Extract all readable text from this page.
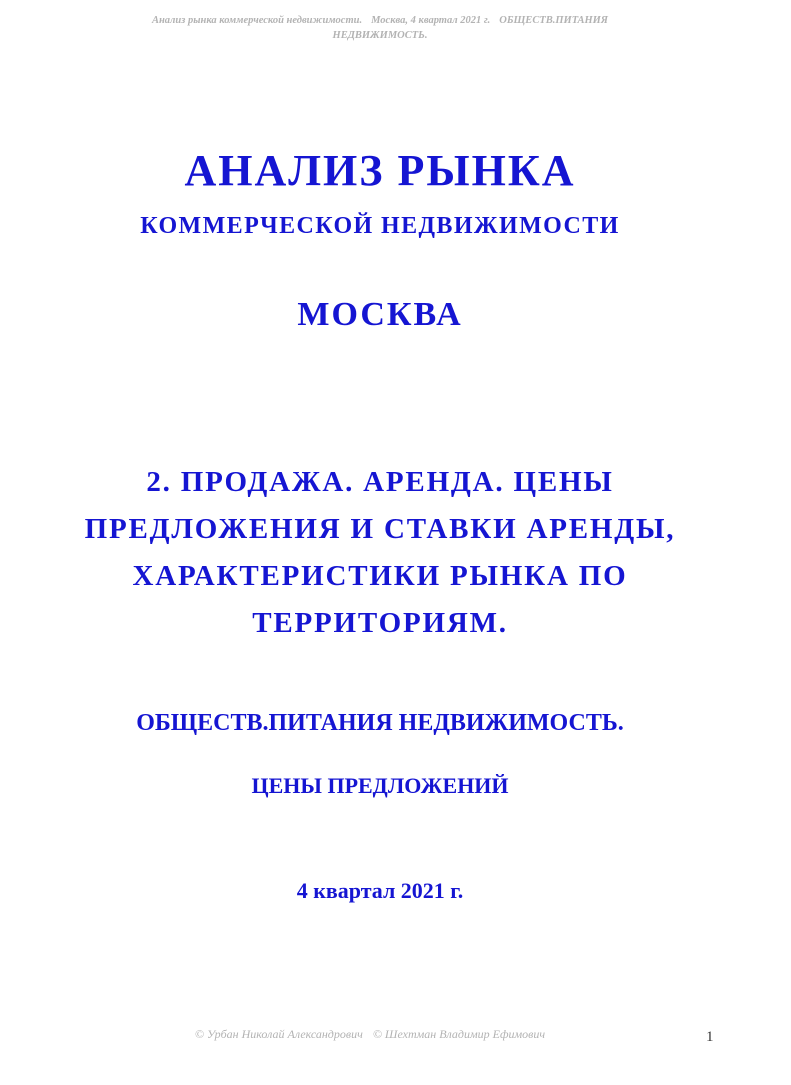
Анализ рынка коммерческой недвижимости. Москва, 4 квартал 2021 г. ОБЩЕСТВ.ПИТАНИЯ
НЕДВИЖИМОСТЬ.
АНАЛИЗ РЫНКА
КОММЕРЧЕСКОЙ НЕДВИЖИМОСТИ
МОСКВА
2. ПРОДАЖА. АРЕНДА. ЦЕНЫ
ПРЕДЛОЖЕНИЯ И СТАВКИ АРЕНДЫ,
ХАРАКТЕРИСТИКИ РЫНКА ПО
ТЕРРИТОРИЯМ.
ОБЩЕСТВ.ПИТАНИЯ НЕДВИЖИМОСТЬ.
ЦЕНЫ ПРЕДЛОЖЕНИЙ
4 квартал 2021 г.
© Урбан Николай Александрович © Шехтман Владимир Ефимович	1
